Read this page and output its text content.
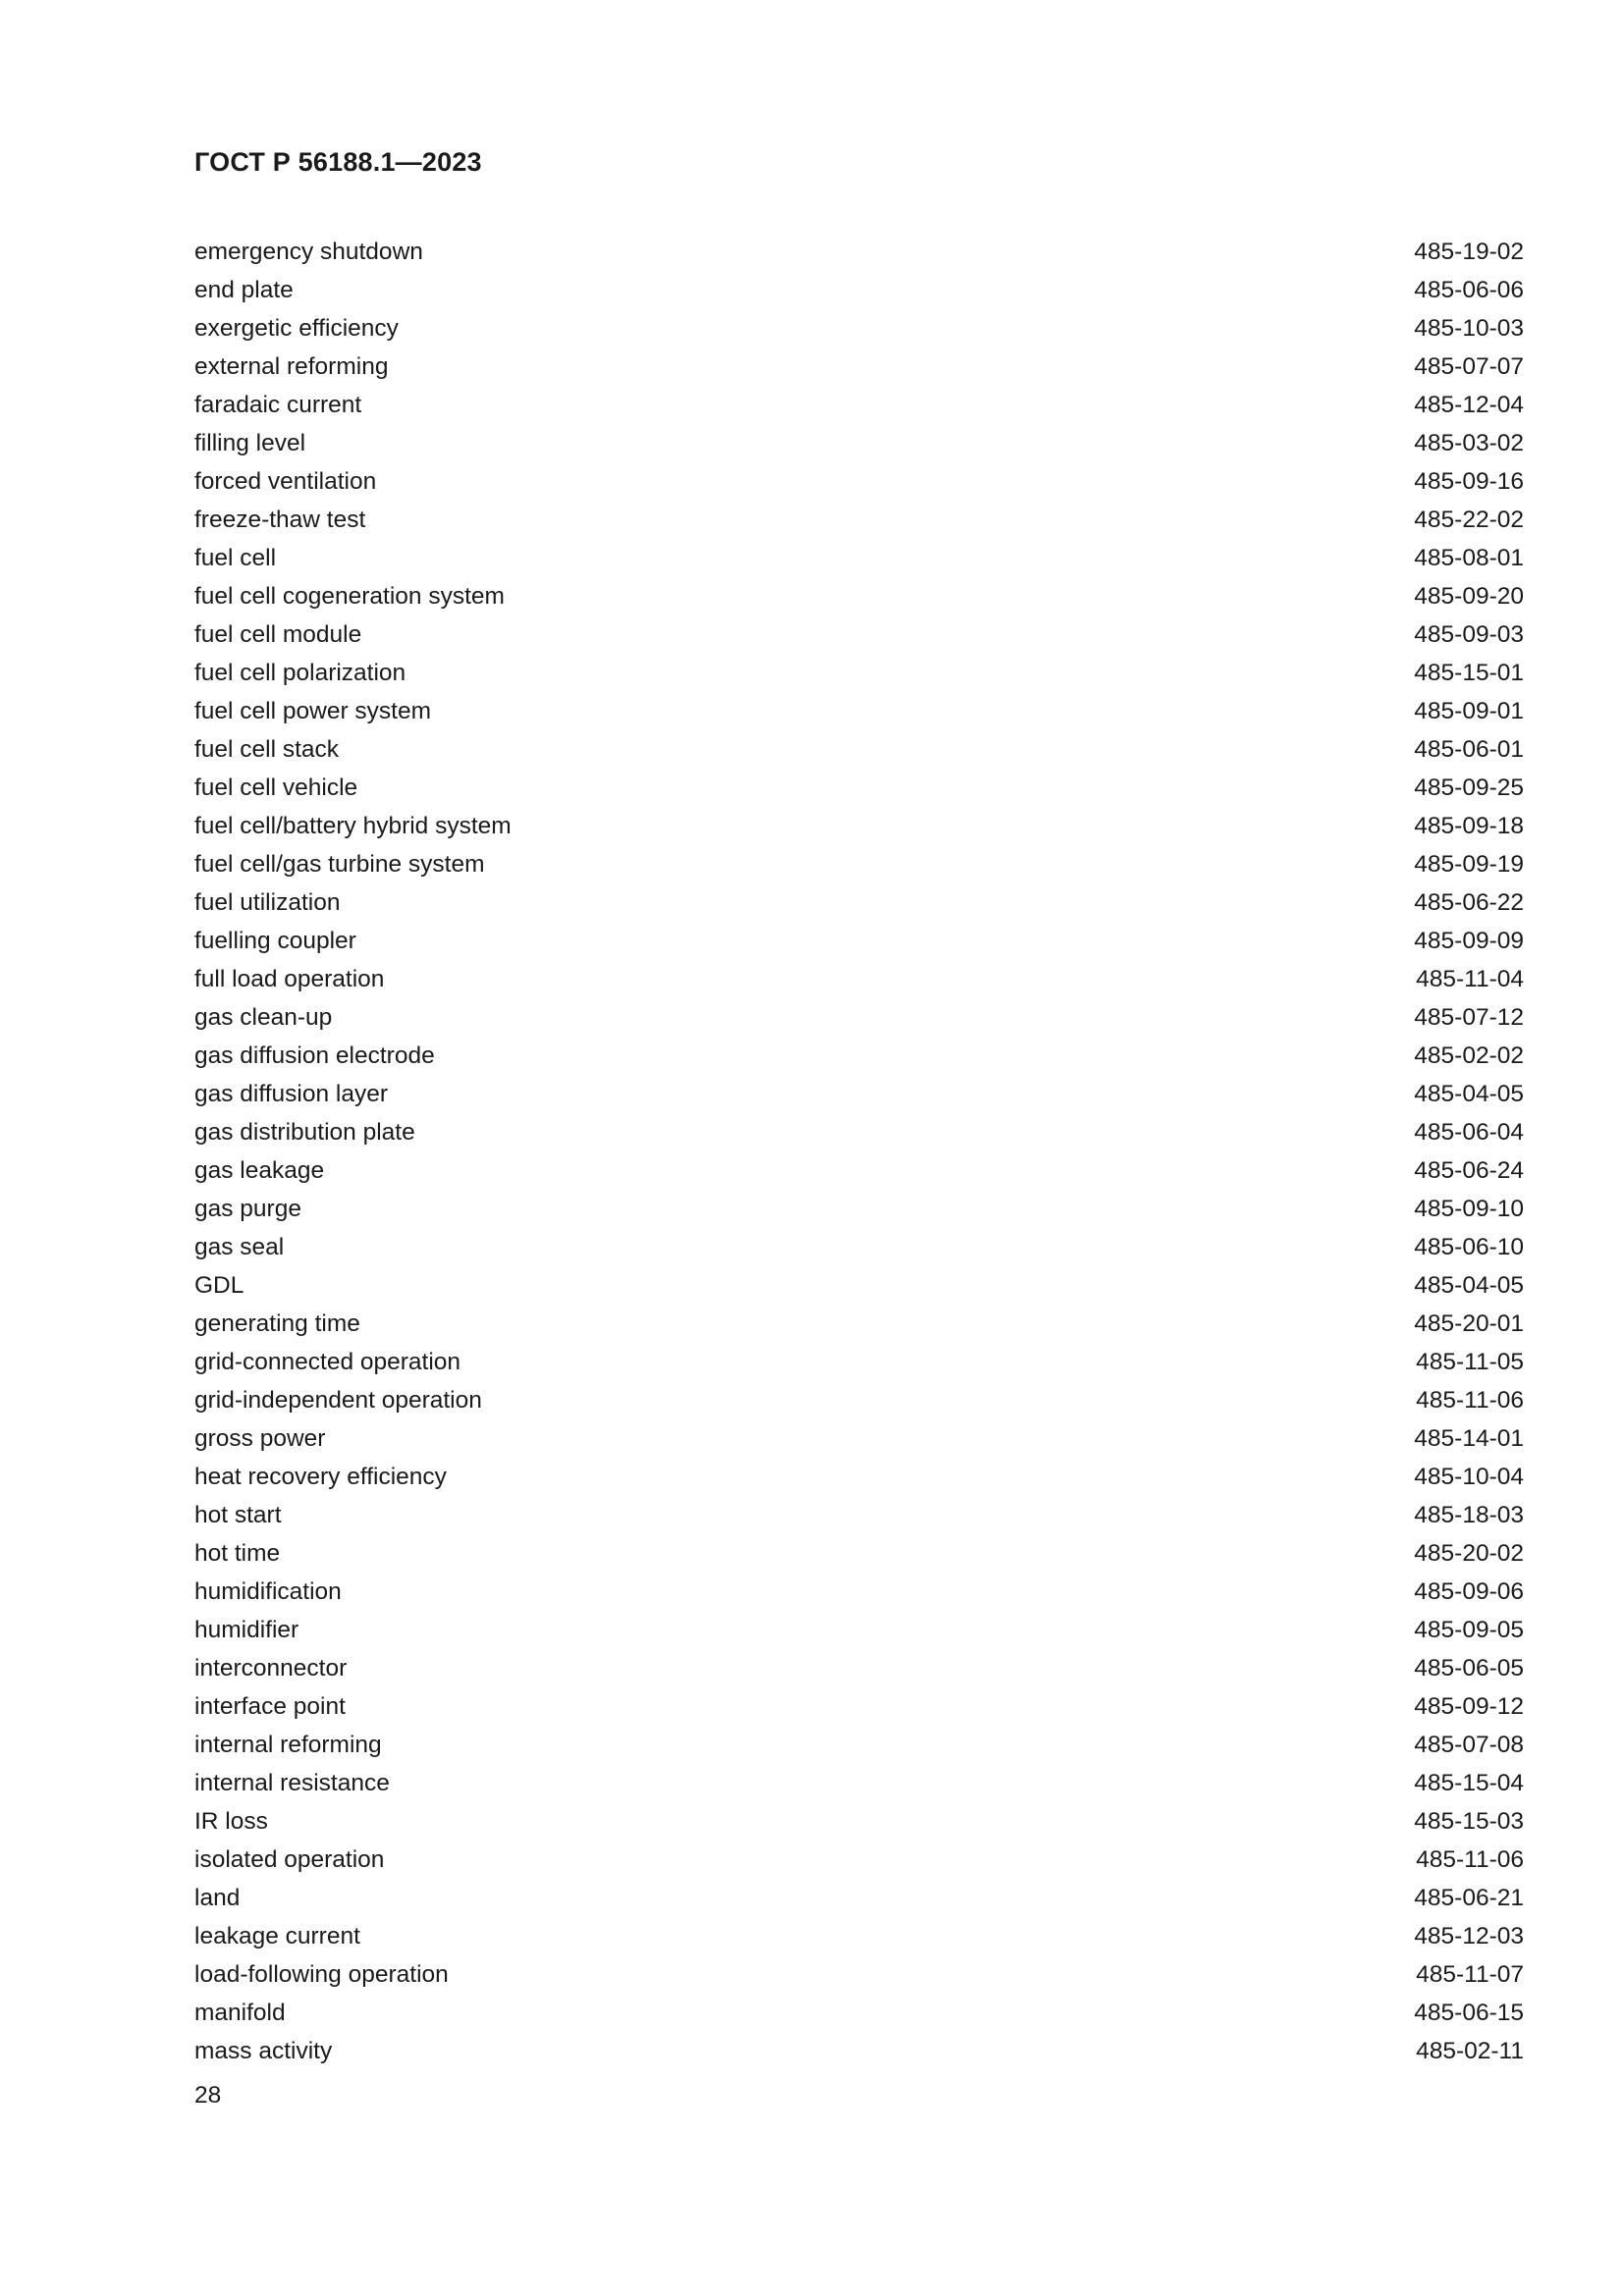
ГОСТ Р 56188.1—2023
emergency shutdown	485-19-02
end plate	485-06-06
exergetic efficiency	485-10-03
external reforming	485-07-07
faradaic current	485-12-04
filling level	485-03-02
forced ventilation	485-09-16
freeze-thaw test	485-22-02
fuel cell	485-08-01
fuel cell cogeneration system	485-09-20
fuel cell module	485-09-03
fuel cell polarization	485-15-01
fuel cell power system	485-09-01
fuel cell stack	485-06-01
fuel cell vehicle	485-09-25
fuel cell/battery hybrid system	485-09-18
fuel cell/gas turbine system	485-09-19
fuel utilization	485-06-22
fuelling coupler	485-09-09
full load operation	485-11-04
gas clean-up	485-07-12
gas diffusion electrode	485-02-02
gas diffusion layer	485-04-05
gas distribution plate	485-06-04
gas leakage	485-06-24
gas purge	485-09-10
gas seal	485-06-10
GDL	485-04-05
generating time	485-20-01
grid-connected operation	485-11-05
grid-independent operation	485-11-06
gross power	485-14-01
heat recovery efficiency	485-10-04
hot start	485-18-03
hot time	485-20-02
humidification	485-09-06
humidifier	485-09-05
interconnector	485-06-05
interface point	485-09-12
internal reforming	485-07-08
internal resistance	485-15-04
IR loss	485-15-03
isolated operation	485-11-06
land	485-06-21
leakage current	485-12-03
load-following operation	485-11-07
manifold	485-06-15
mass activity	485-02-11
28
